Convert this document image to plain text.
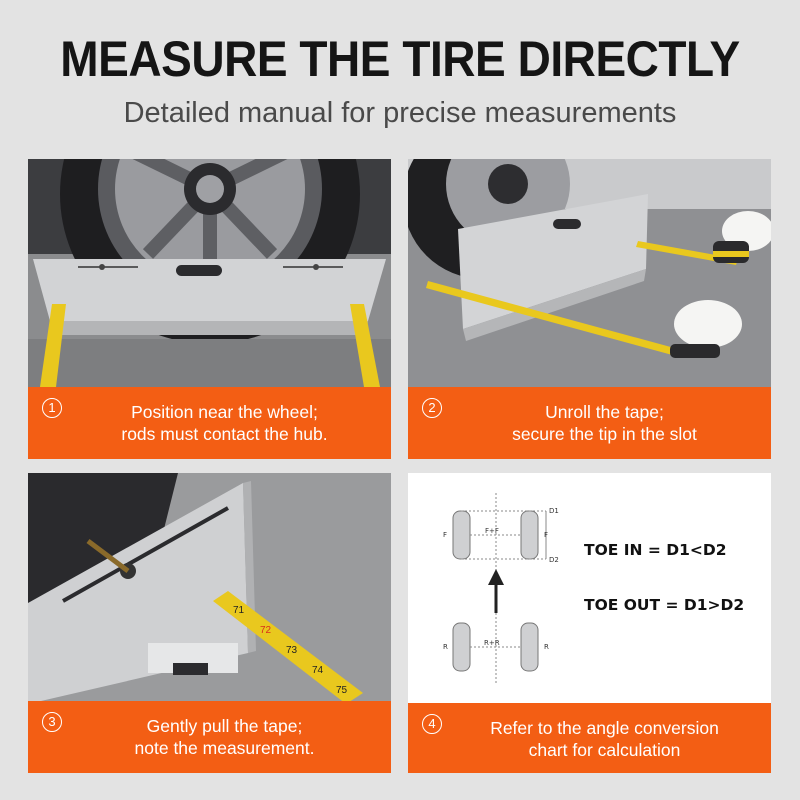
MEASURE THE TIRE DIRECTLY
Detailed manual for precise measurements
1	Position near the wheel;
rods must contact the hub.
2	Unroll the tape;
secure the tip in the slot
71
72
73
74
75
3	Gently pull the tape;
note the measurement.
D1
D2
F	F
F+F
R	R
R+R
TOE IN = D1<D2
TOE OUT = D1>D2
4	Refer to the angle conversion
chart for calculation
